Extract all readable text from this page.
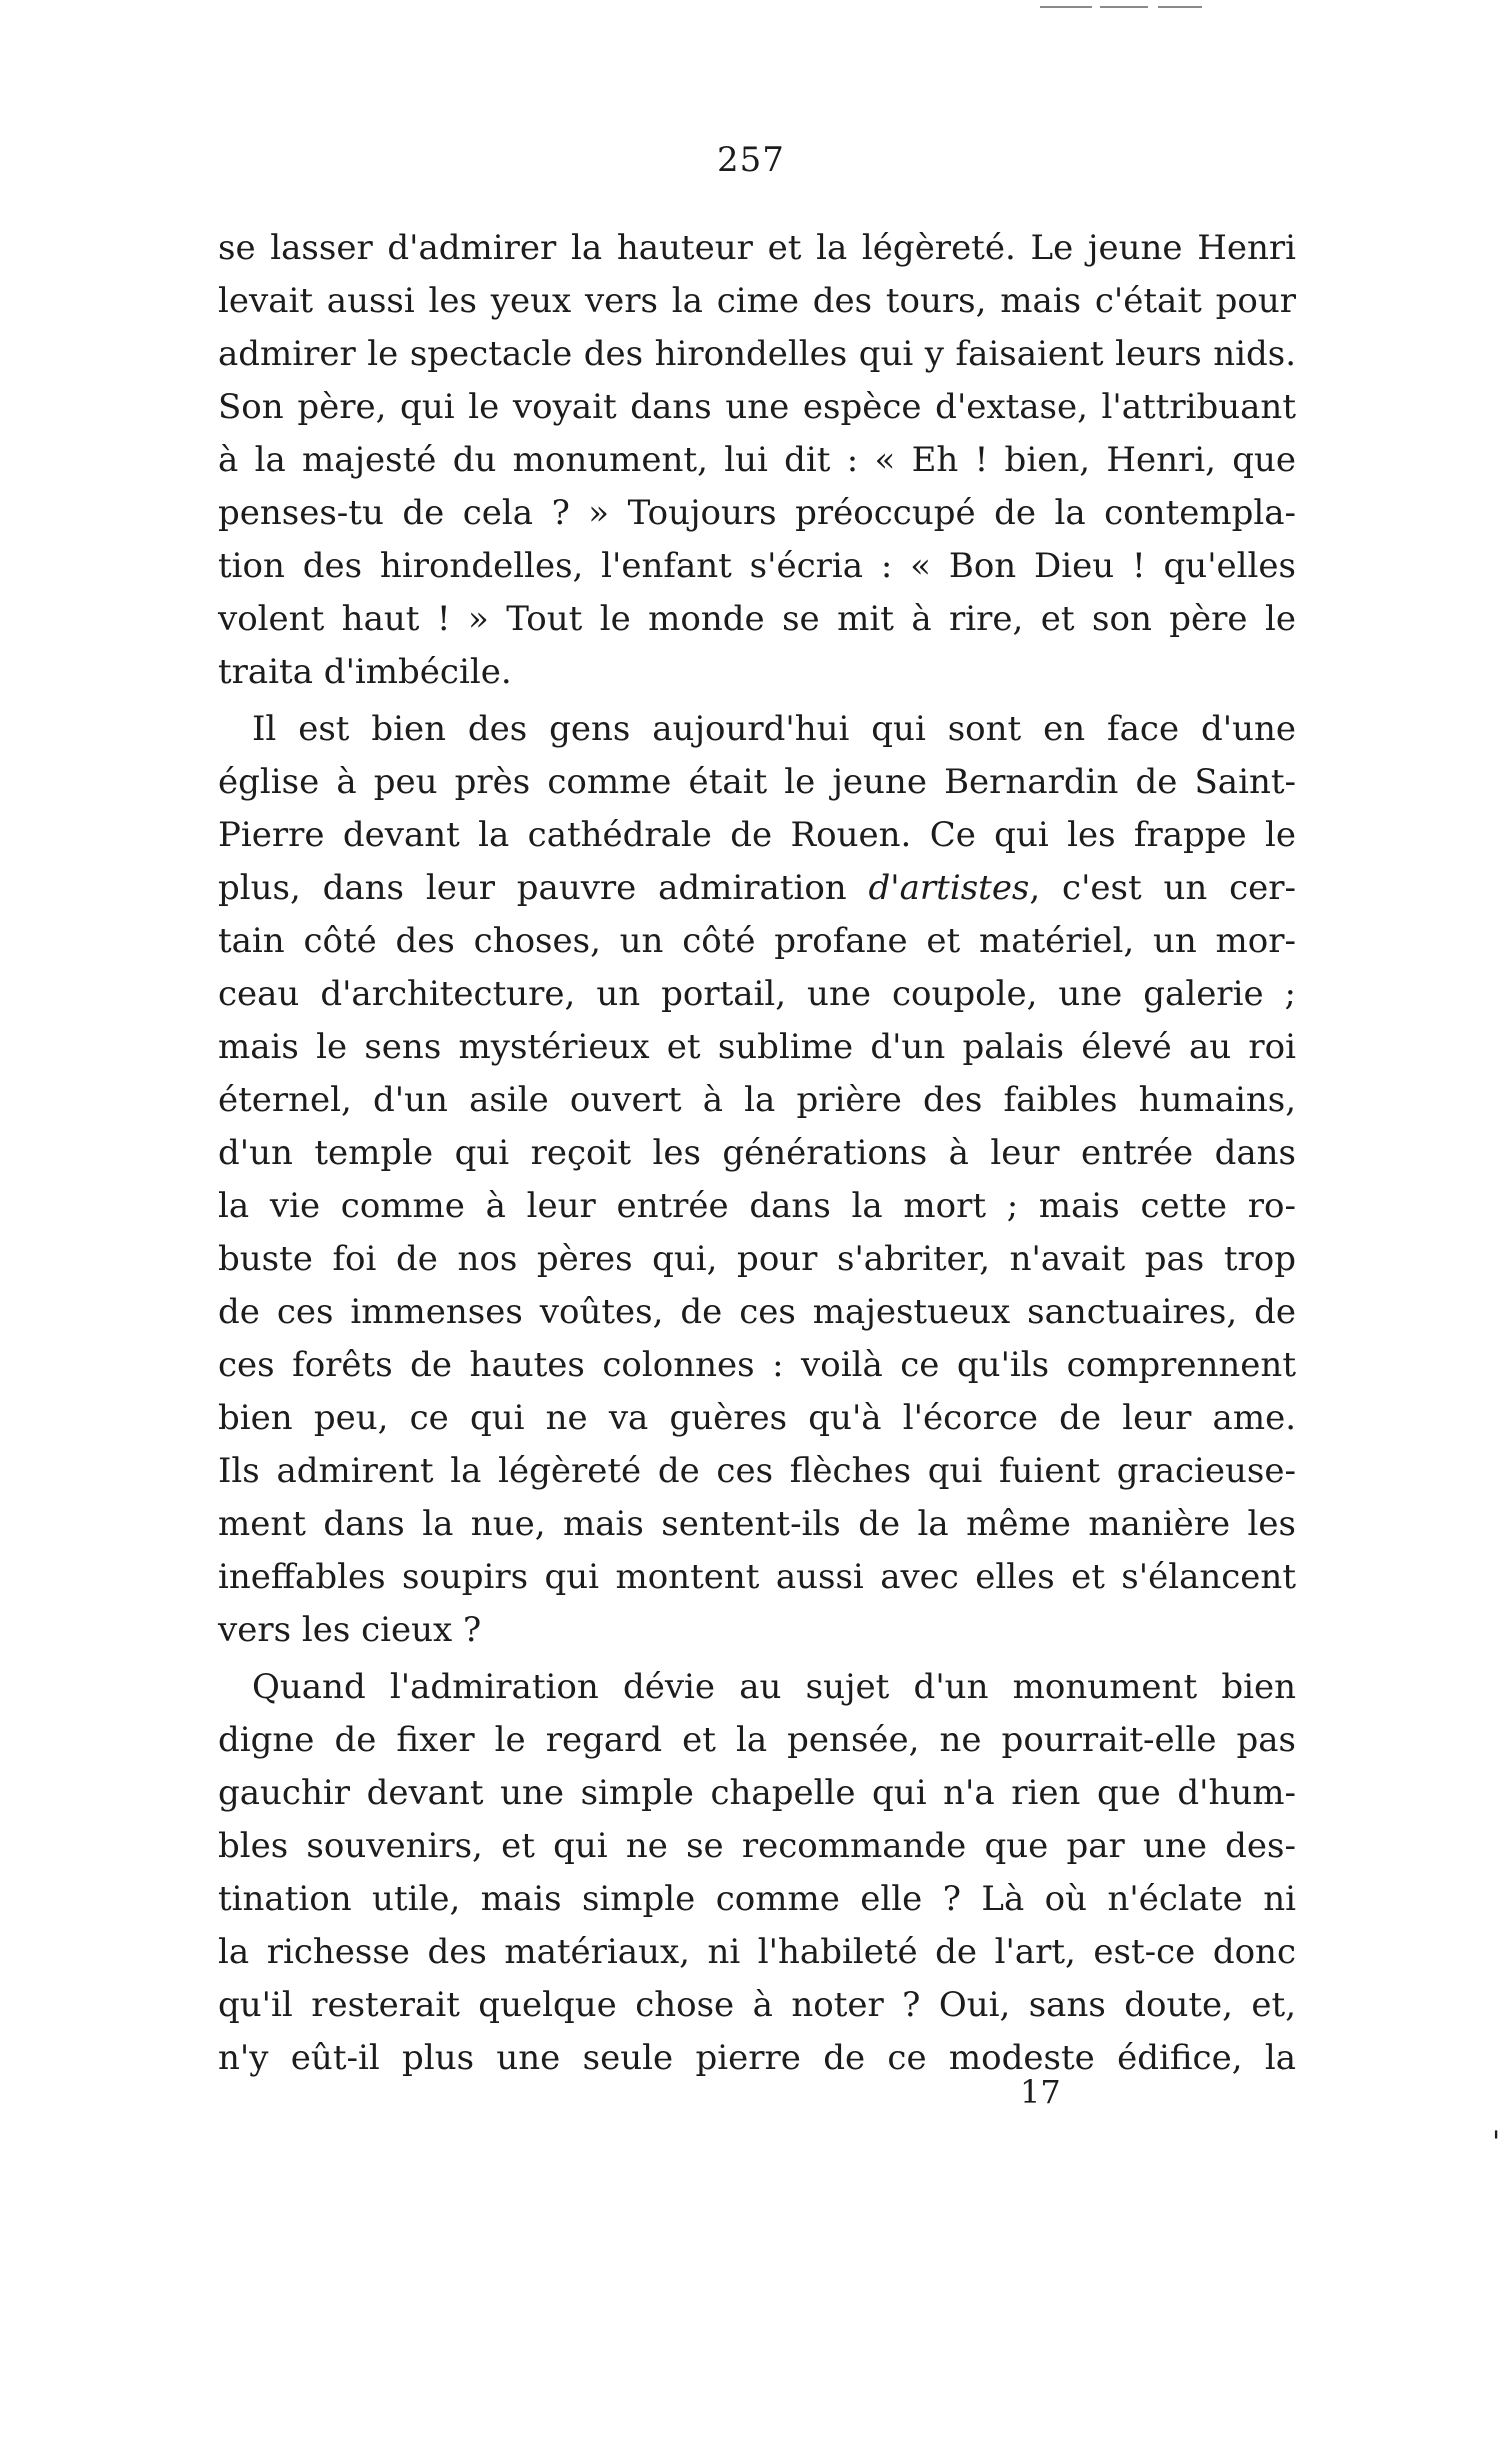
257
se lasser d'admirer la hauteur et la légèreté. Le jeune Henri
levait aussi les yeux vers la cime des tours, mais c'était pour
admirer le spectacle des hirondelles qui y faisaient leurs nids.
Son père, qui le voyait dans une espèce d'extase, l'attribuant
à la majesté du monument, lui dit : « Eh ! bien, Henri, que
penses-tu de cela ? » Toujours préoccupé de la contempla-
tion des hirondelles, l'enfant s'écria : « Bon Dieu ! qu'elles
volent haut ! » Tout le monde se mit à rire, et son père le
traita d'imbécile.
Il est bien des gens aujourd'hui qui sont en face d'une
église à peu près comme était le jeune Bernardin de Saint-
Pierre devant la cathédrale de Rouen. Ce qui les frappe le
plus, dans leur pauvre admiration d'artistes, c'est un cer-
tain côté des choses, un côté profane et matériel, un mor-
ceau d'architecture, un portail, une coupole, une galerie ;
mais le sens mystérieux et sublime d'un palais élevé au roi
éternel, d'un asile ouvert à la prière des faibles humains,
d'un temple qui reçoit les générations à leur entrée dans
la vie comme à leur entrée dans la mort ; mais cette ro-
buste foi de nos pères qui, pour s'abriter, n'avait pas trop
de ces immenses voûtes, de ces majestueux sanctuaires, de
ces forêts de hautes colonnes : voilà ce qu'ils comprennent
bien peu, ce qui ne va guères qu'à l'écorce de leur ame.
Ils admirent la légèreté de ces flèches qui fuient gracieuse-
ment dans la nue, mais sentent-ils de la même manière les
ineffables soupirs qui montent aussi avec elles et s'élancent
vers les cieux ?
Quand l'admiration dévie au sujet d'un monument bien
digne de fixer le regard et la pensée, ne pourrait-elle pas
gauchir devant une simple chapelle qui n'a rien que d'hum-
bles souvenirs, et qui ne se recommande que par une des-
tination utile, mais simple comme elle ? Là où n'éclate ni
la richesse des matériaux, ni l'habileté de l'art, est-ce donc
qu'il resterait quelque chose à noter ? Oui, sans doute, et,
n'y eût-il plus une seule pierre de ce modeste édifice, la
17
'
